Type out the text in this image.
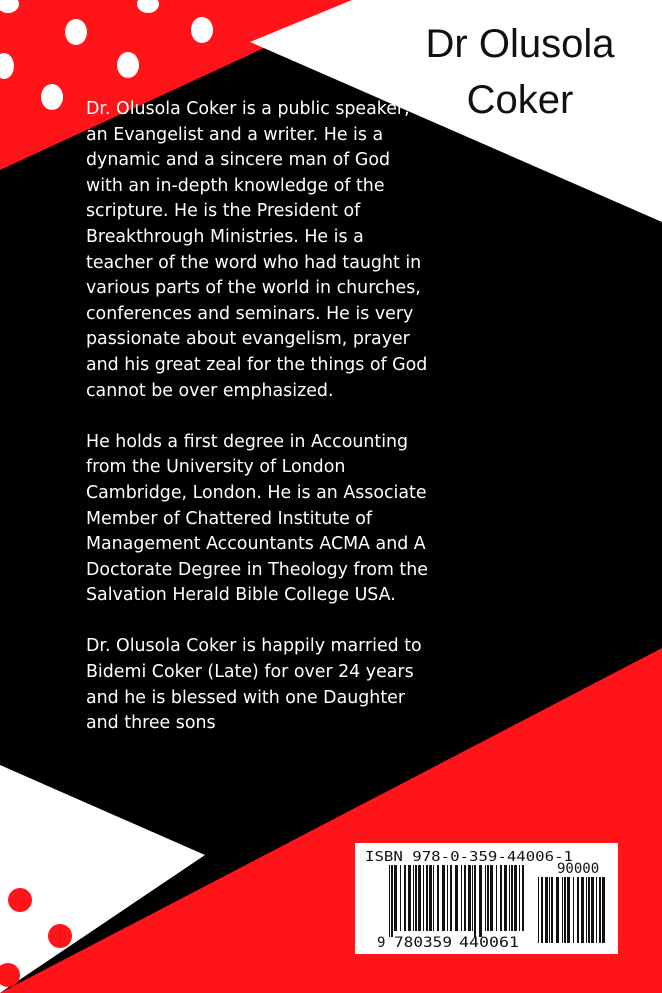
Dr Olusola Coker

Dr. Olusola Coker is a public speaker, an Evangelist and a writer. He is a dynamic and a sincere man of God with an in-depth knowledge of the scripture. He is the President of Breakthrough Ministries. He is a teacher of the word who had taught in various parts of the world in churches, conferences and seminars. He is very passionate about evangelism, prayer and his great zeal for the things of God cannot be over emphasized.

He holds a first degree in Accounting from the University of London Cambridge, London. He is an Associate Member of Chattered Institute of Management Accountants ACMA and A Doctorate Degree in Theology from the Salvation Herald Bible College USA.

Dr. Olusola Coker is happily married to Bidemi Coker (Late) for over 24 years and he is blessed with one Daughter and three sons

ISBN 978-0-359-44006-1
90000
9 780359 440061
